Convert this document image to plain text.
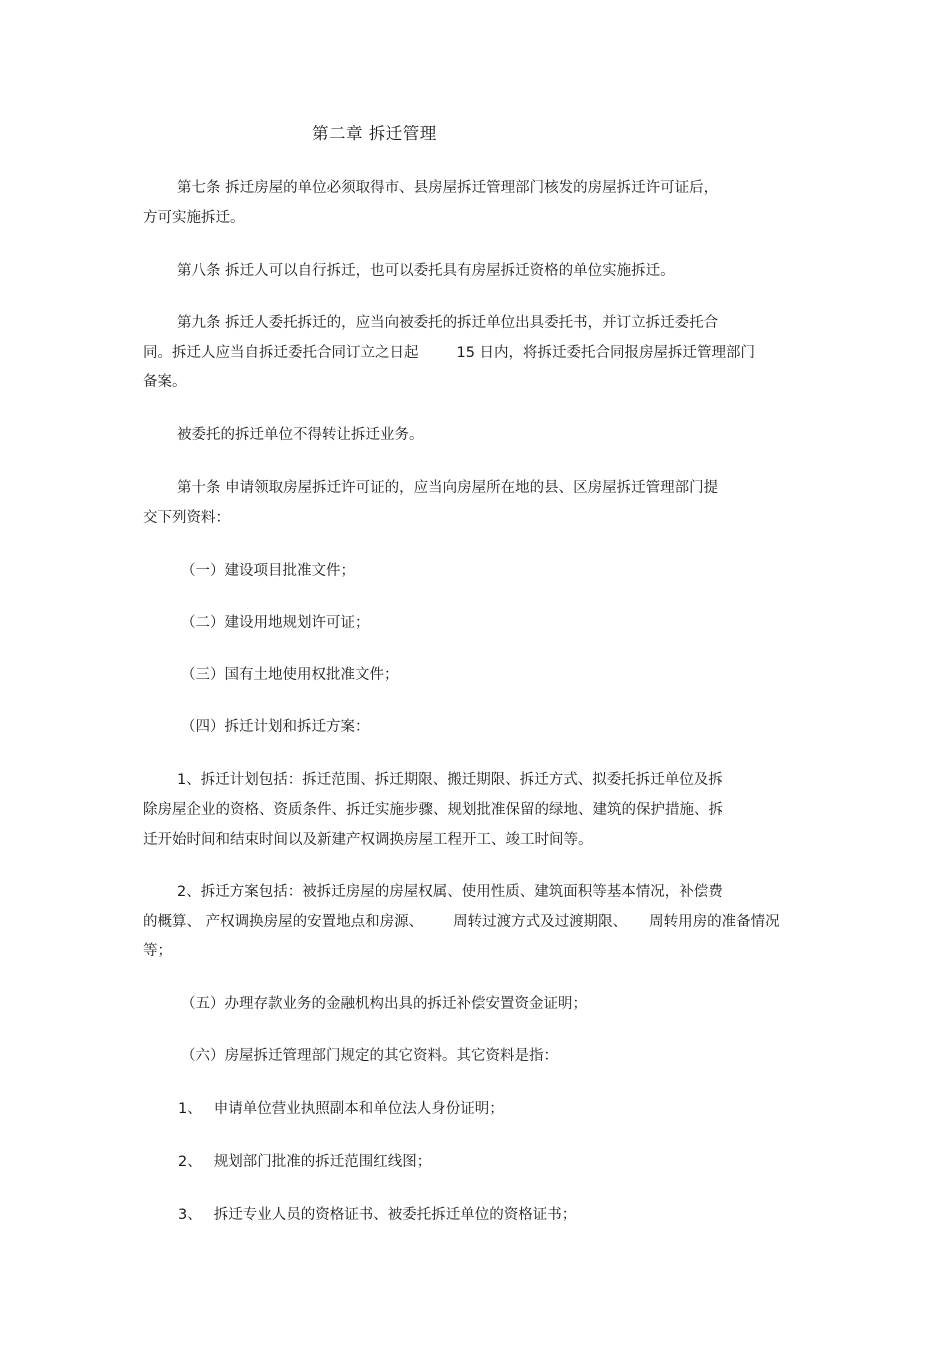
第二章 拆迁管理

第七条 拆迁房屋的单位必须取得市、县房屋拆迁管理部门核发的房屋拆迁许可证后，

方可实施拆迁。

第八条 拆迁人可以自行拆迁，也可以委托具有房屋拆迁资格的单位实施拆迁。

第九条 拆迁人委托拆迁的，应当向被委托的拆迁单位出具委托书，并订立拆迁委托合

同。拆迁人应当自拆迁委托合同订立之日起	15 日内，将拆迁委托合同报房屋拆迁管理部门

备案。

被委托的拆迁单位不得转让拆迁业务。

第十条 申请领取房屋拆迁许可证的，应当向房屋所在地的县、区房屋拆迁管理部门提

交下列资料：

（一）建设项目批准文件；

（二）建设用地规划许可证；

（三）国有土地使用权批准文件；

（四）拆迁计划和拆迁方案：

1、拆迁计划包括：拆迁范围、拆迁期限、搬迁期限、拆迁方式、拟委托拆迁单位及拆

除房屋企业的资格、资质条件、拆迁实施步骤、规划批准保留的绿地、建筑的保护措施、拆

迁开始时间和结束时间以及新建产权调换房屋工程开工、竣工时间等。

2、拆迁方案包括：被拆迁房屋的房屋权属、使用性质、建筑面积等基本情况，补偿费

的概算、 产权调换房屋的安置地点和房源、 周转过渡方式及过渡期限、 周转用房的准备情况

等；

（五）办理存款业务的金融机构出具的拆迁补偿安置资金证明；

（六）房屋拆迁管理部门规定的其它资料。其它资料是指：

1、 申请单位营业执照副本和单位法人身份证明；

2、 规划部门批准的拆迁范围红线图；

3、 拆迁专业人员的资格证书、被委托拆迁单位的资格证书；
